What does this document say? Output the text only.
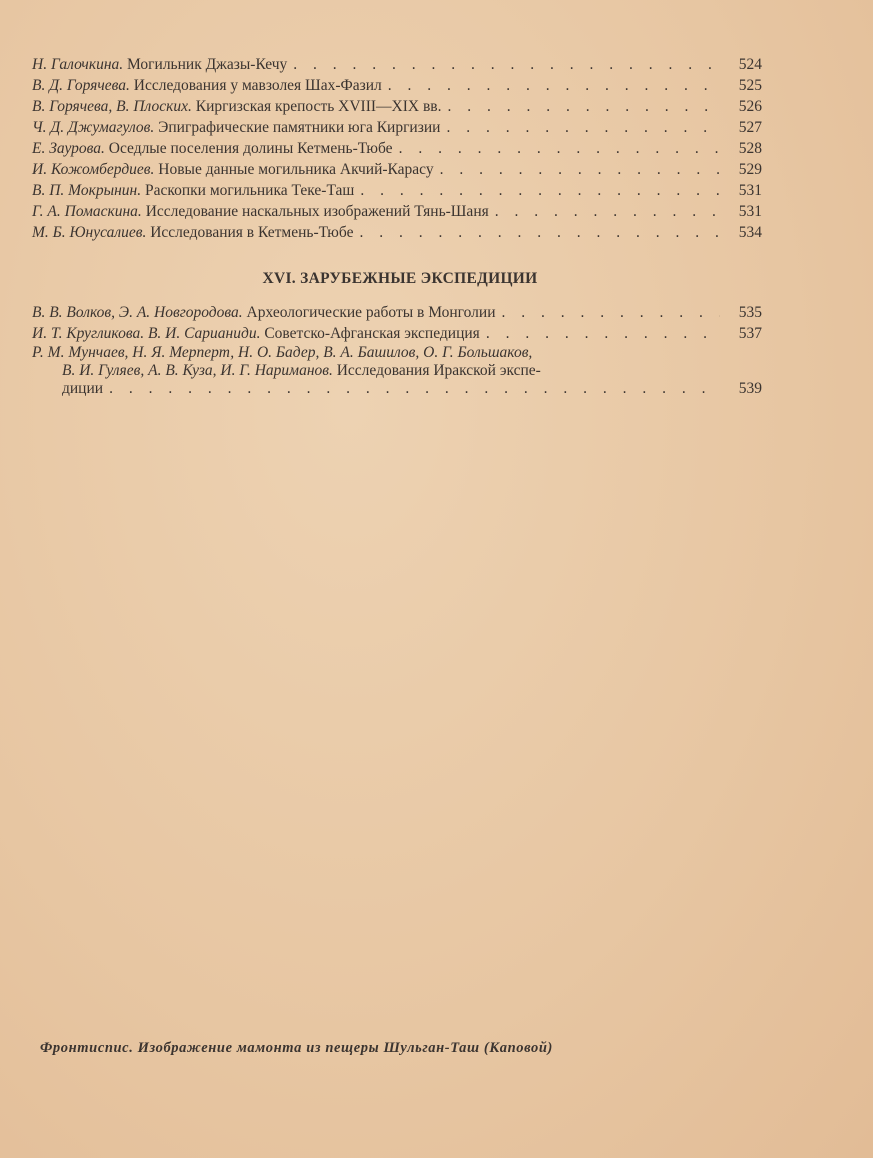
Н. Галочкина. Могильник Джазы-Кечу . . .	524
В. Д. Горячева. Исследования у мавзолея Шах-Фазил . . .	525
В. Горячева, В. Плоских. Киргизская крепость XVIII—XIX вв. . . .	526
Ч. Д. Джумагулов. Эпиграфические памятники юга Киргизии . . .	527
Е. Заурова. Оседлые поселения долины Кетмень-Тюбе . . .	528
И. Кожомбердиев. Новые данные могильника Акчий-Карасу . . .	529
В. П. Мокрынин. Раскопки могильника Теке-Таш . . .	531
Г. А. Помаскина. Исследование наскальных изображений Тянь-Шаня . . .	531
М. Б. Юнусалиев. Исследования в Кетмень-Тюбе . . .	534
XVI. ЗАРУБЕЖНЫЕ ЭКСПЕДИЦИИ
В. В. Волков, Э. А. Новгородова. Археологические работы в Монголии . . .	535
И. Т. Кругликова. В. И. Сарианиди. Советско-Афганская экспедиция . . .	537
Р. М. Мунчаев, Н. Я. Мерперт, Н. О. Бадер, В. А. Башилов, О. Г. Большаков,
В. И. Гуляев, А. В. Куза, И. Г. Нариманов. Исследования Иракской экспе-
диции . . .	539
Фронтиспис. Изображение мамонта из пещеры Шульган-Таш (Каповой)
